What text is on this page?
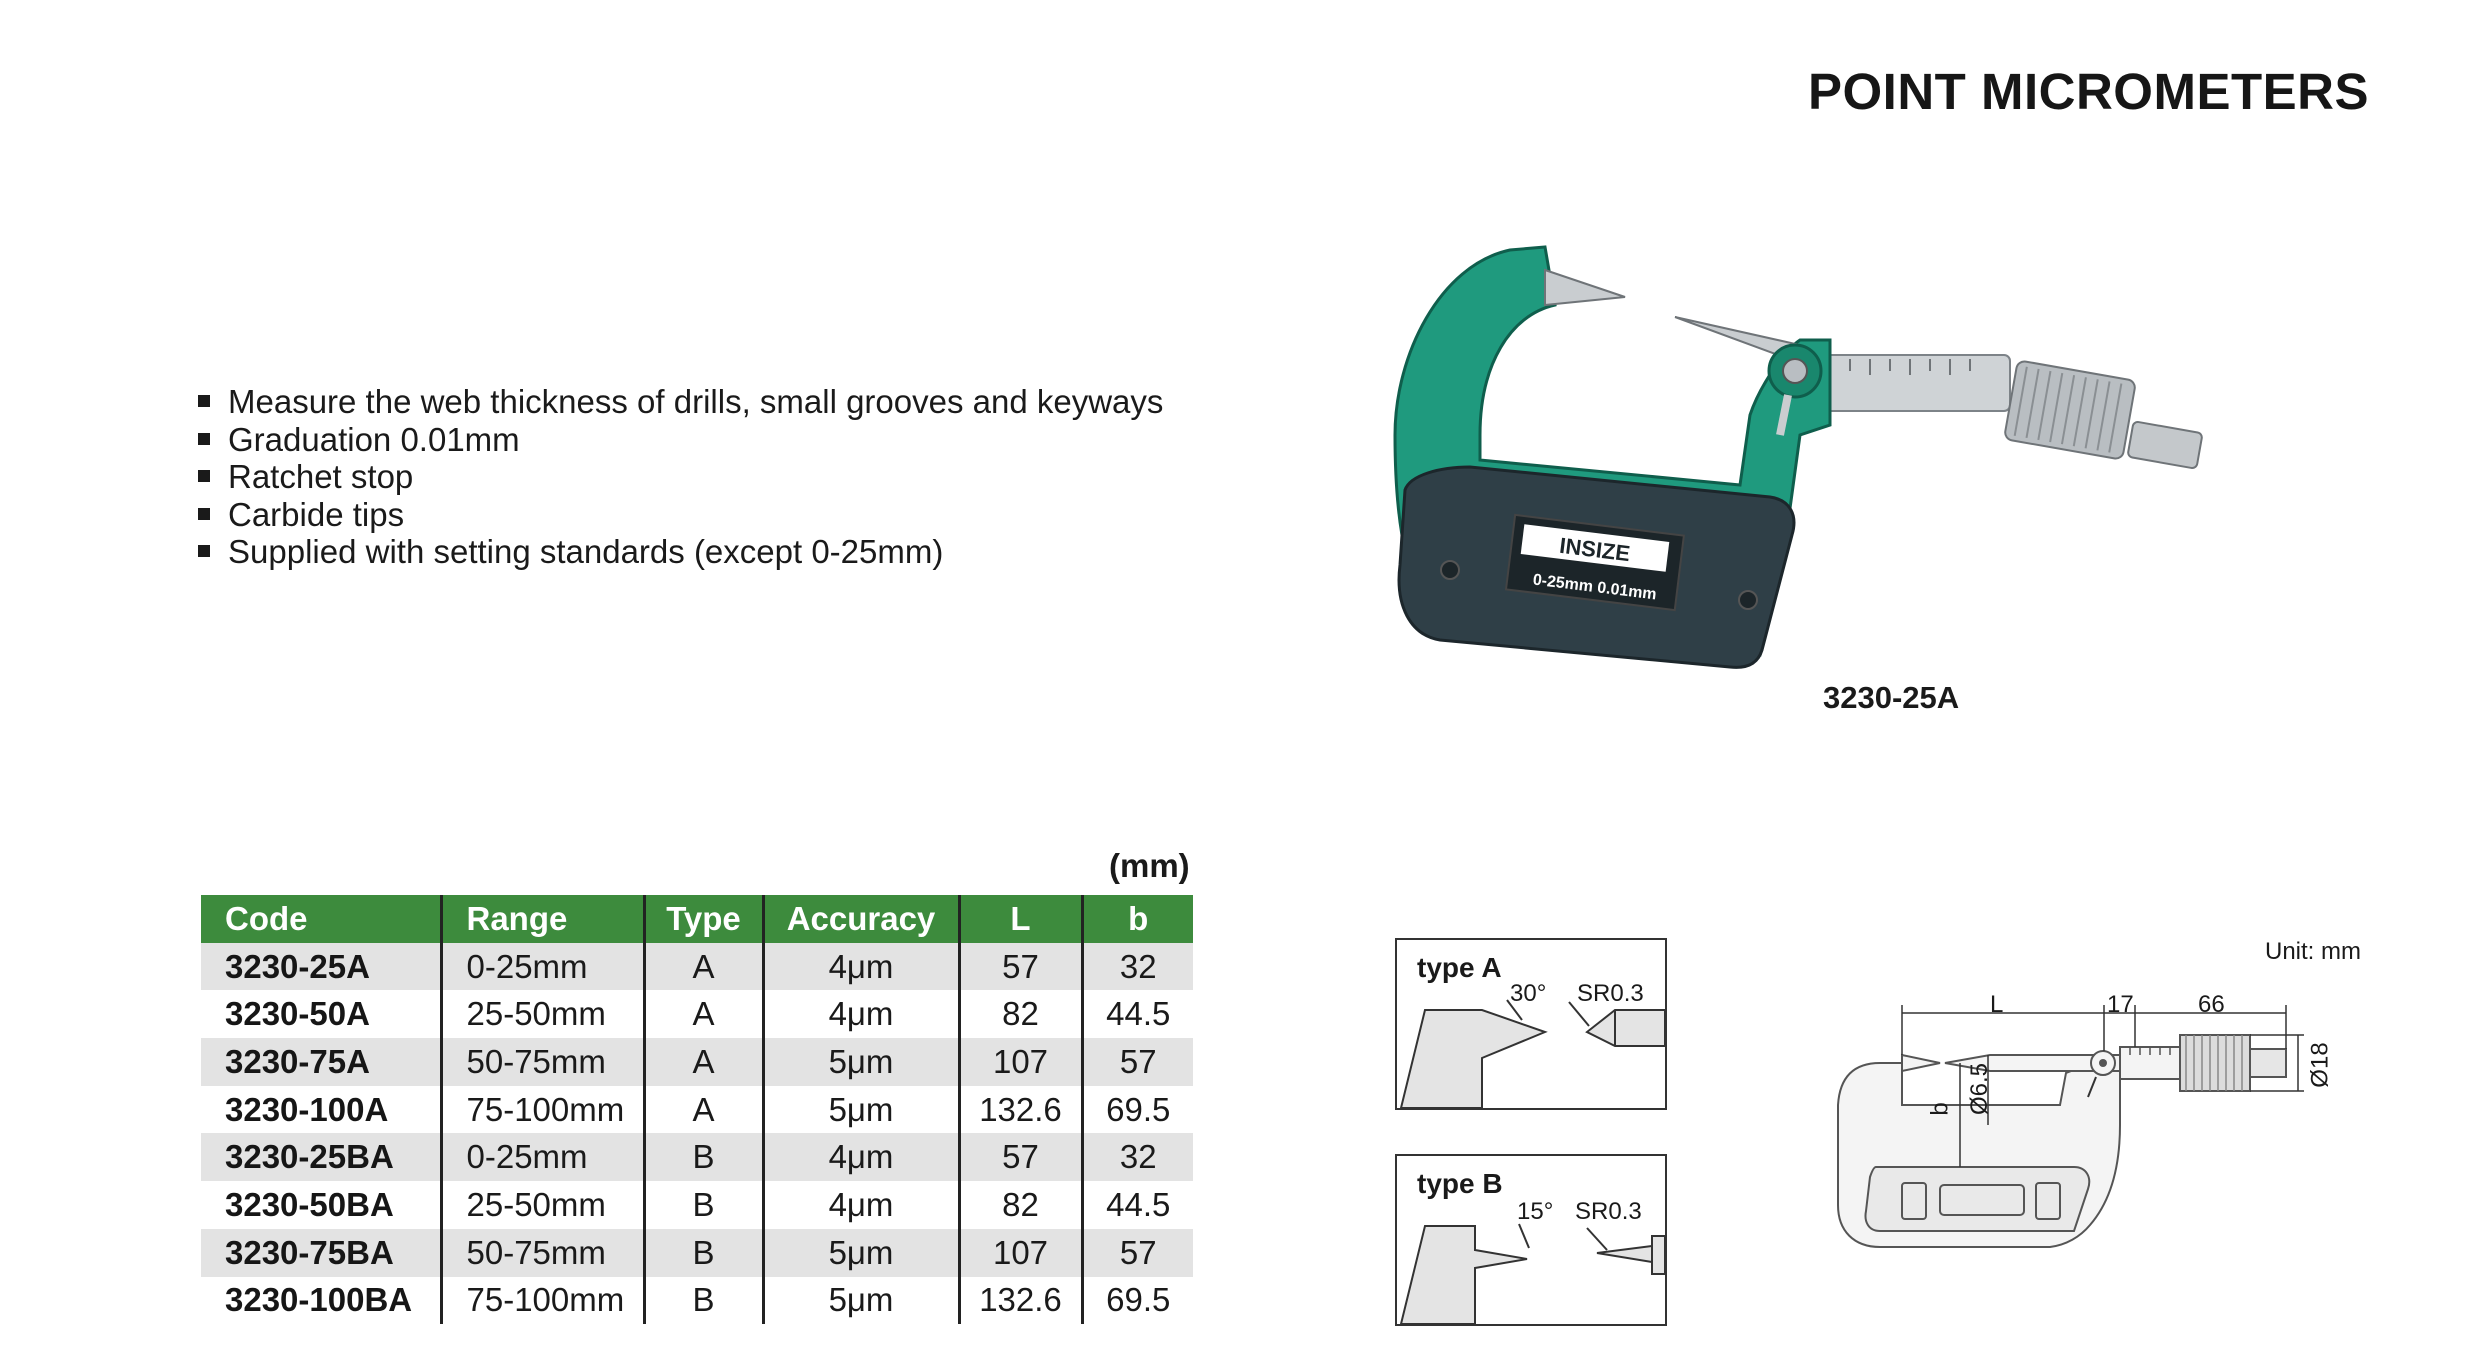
POINT MICROMETERS
Measure the web thickness of drills, small grooves and keyways
Graduation 0.01mm
Ratchet stop
Carbide tips
Supplied with setting standards (except 0-25mm)	INSIZE
0-25mm 0.01mm
3230-25A
(mm)
Code	Range	Type	Accuracy	L	b
3230-25A	0-25mm	A	4μm	57	32
3230-50A	25-50mm	A	4μm	82	44.5
3230-75A	50-75mm	A	5μm	107	57
3230-100A	75-100mm	A	5μm	132.6	69.5
3230-25BA	0-25mm	B	4μm	57	32
3230-50BA	25-50mm	B	4μm	82	44.5
3230-75BA	50-75mm	B	5μm	107	57
3230-100BA	75-100mm	B	5μm	132.6	69.5
type A
30° SR0.3
type B
15° SR0.3
Unit: mm
L	17	66
b Ø6.5	Ø18
